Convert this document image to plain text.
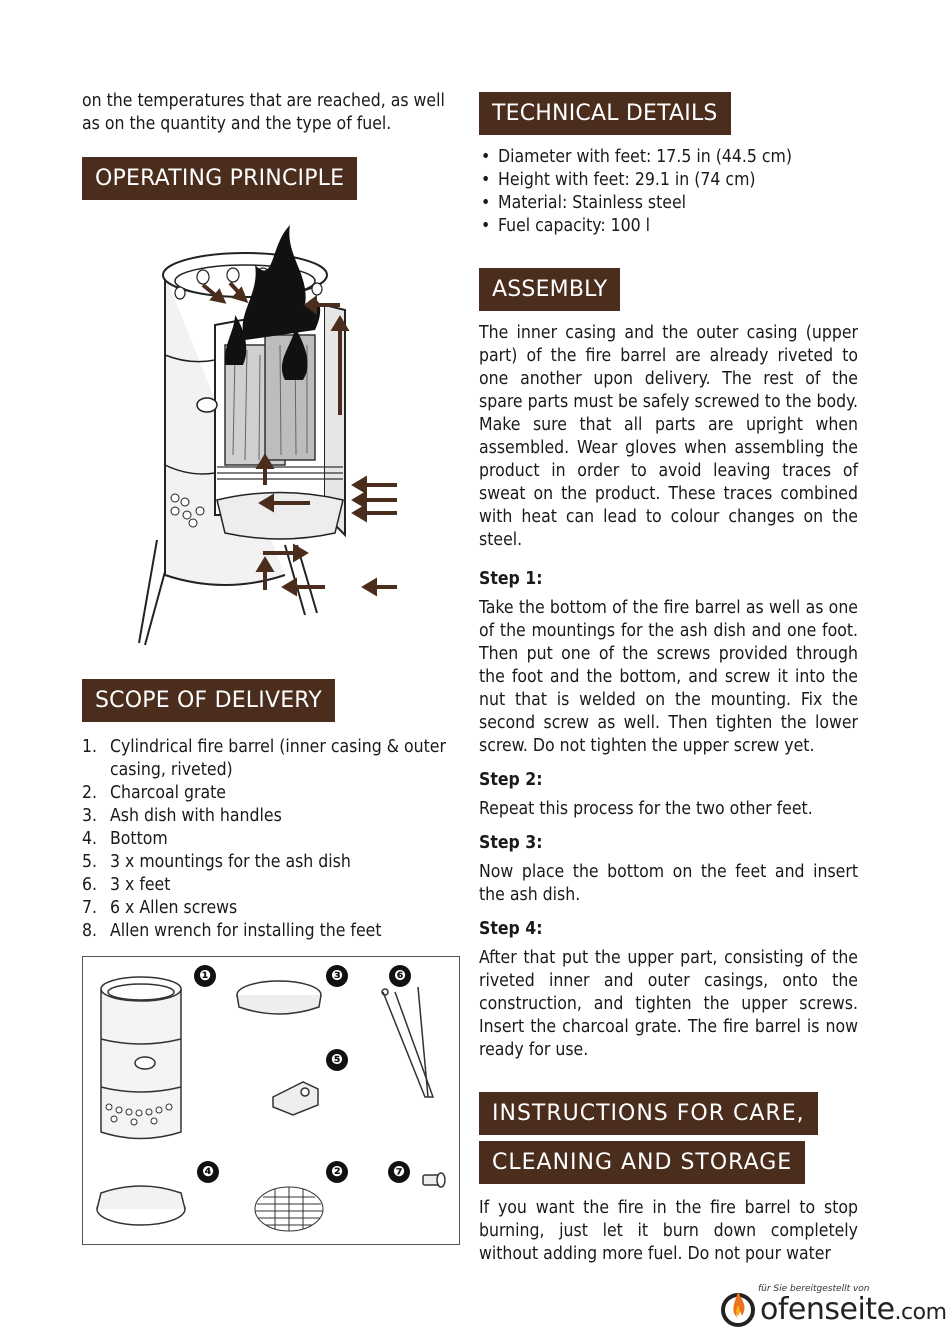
on the temperatures that are reached, as well as on the quantity and the type of fuel.

OPERATING PRINCIPLE
SCOPE OF DELIVERY
1. Cylindrical fire barrel (inner casing & outer casing, riveted)
2. Charcoal grate
3. Ash dish with handles
4. Bottom
5. 3 x mountings for the ash dish
6. 3 x feet
7. 6 x Allen screws
8. Allen wrench for installing the feet
❶	❸	❻
❺
❹	❷	❼
TECHNICAL DETAILS
• Diameter with feet: 17.5 in (44.5 cm)
• Height with feet: 29.1 in (74 cm)
• Material: Stainless steel
• Fuel capacity: 100 l
ASSEMBLY

The inner casing and the outer casing (upper part) of the fire barrel are already riveted to one another upon delivery. The rest of the spare parts must be safely screwed to the body. Make sure that all parts are upright when assembled. Wear gloves when assembling the product in order to avoid leaving traces of sweat on the product. These traces combined with heat can lead to colour changes on the steel.

Step 1:

Take the bottom of the fire barrel as well as one of the mountings for the ash dish and one foot. Then put one of the screws provided through the foot and the bottom, and screw it into the nut that is welded on the mounting. Fix the second screw as well. Then tighten the lower screw. Do not tighten the upper screw yet.

Step 2:

Repeat this process for the two other feet.

Step 3:

Now place the bottom on the feet and insert the ash dish.

Step 4:

After that put the upper part, consisting of the riveted inner and outer casings, onto the construction, and tighten the upper screws. Insert the charcoal grate. The fire barrel is now ready for use.

INSTRUCTIONS FOR CARE,
CLEANING AND STORAGE

If you want the fire in the fire barrel to stop burning, just let it burn down completely without adding more fuel. Do not pour water

für Sie bereitgestellt von
ofenseite.com
